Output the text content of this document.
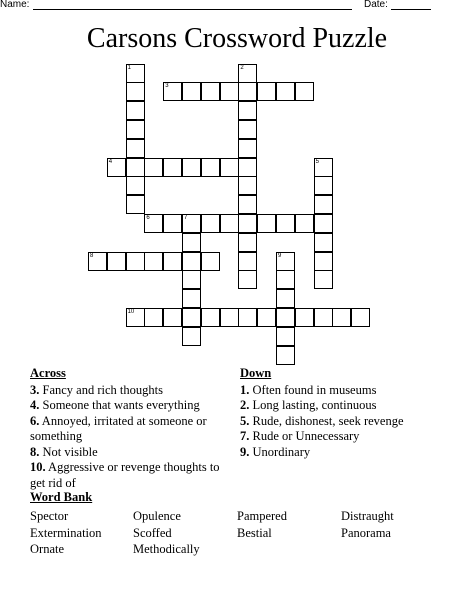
Name:	Date:
Carsons Crossword Puzzle
1	2
3
4	5
6	7
8	9
10
Across
3. Fancy and rich thoughts
4. Someone that wants everything
6. Annoyed, irritated at someone or something
8. Not visible
10. Aggressive or revenge thoughts to get rid of
Down
1. Often found in museums
2. Long lasting, continuous
5. Rude, dishonest, seek revenge
7. Rude or Unnecessary
9. Unordinary
Word Bank
Spector	Opulence	Pampered	Distraught
Extermination	Scoffed	Bestial	Panorama
Ornate	Methodically
